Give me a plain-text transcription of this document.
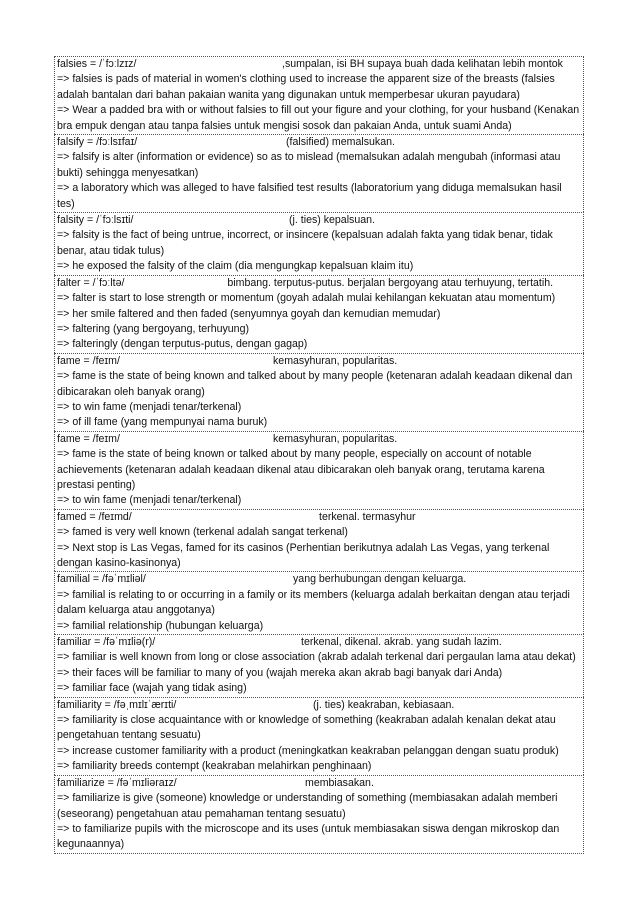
falsies = /ˈfɔːlzɪz/	,sumpalan, isi BH supaya buah dada kelihatan lebih montok
=> falsies is pads of material in women's clothing used to increase the apparent size of the breasts (falsies adalah bantalan dari bahan pakaian wanita yang digunakan untuk memperbesar ukuran payudara)
=> Wear a padded bra with or without falsies to fill out your figure and your clothing, for your husband (Kenakan bra empuk dengan atau tanpa falsies untuk mengisi sosok dan pakaian Anda, untuk suami Anda)
falsify = /fɔːlsɪfaɪ/	(falsified) memalsukan.
=> falsify is alter (information or evidence) so as to mislead (memalsukan adalah mengubah (informasi atau bukti) sehingga menyesatkan)
=> a laboratory which was alleged to have falsified test results (laboratorium yang diduga memalsukan hasil tes)
falsity = /ˈfɔːlsɪti/	(j. ties) kepalsuan.
=> falsity is the fact of being untrue, incorrect, or insincere (kepalsuan adalah fakta yang tidak benar, tidak benar, atau tidak tulus)
=> he exposed the falsity of the claim (dia mengungkap kepalsuan klaim itu)
falter = /ˈfɔːltə/	bimbang. terputus-putus. berjalan bergoyang atau terhuyung, tertatih.
=> falter is start to lose strength or momentum (goyah adalah mulai kehilangan kekuatan atau momentum)
=> her smile faltered and then faded (senyumnya goyah dan kemudian memudar)
=> faltering (yang bergoyang, terhuyung)
=> falteringly (dengan terputus-putus, dengan gagap)
fame = /feɪm/	kemasyhuran, popularitas.
=> fame is the state of being known and talked about by many people (ketenaran adalah keadaan dikenal dan dibicarakan oleh banyak orang)
=> to win fame (menjadi tenar/terkenal)
=> of ill fame (yang mempunyai nama buruk)
fame = /feɪm/	kemasyhuran, popularitas.
=> fame is the state of being known or talked about by many people, especially on account of notable achievements (ketenaran adalah keadaan dikenal atau dibicarakan oleh banyak orang, terutama karena prestasi penting)
=> to win fame (menjadi tenar/terkenal)
famed = /feɪmd/	terkenal. termasyhur
=> famed is very well known (terkenal adalah sangat terkenal)
=> Next stop is Las Vegas, famed for its casinos (Perhentian berikutnya adalah Las Vegas, yang terkenal dengan kasino-kasinonya)
familial = /fəˈmɪliəl/	yang berhubungan dengan keluarga.
=> familial is relating to or occurring in a family or its members (keluarga adalah berkaitan dengan atau terjadi dalam keluarga atau anggotanya)
=> familial relationship (hubungan keluarga)
familiar = /fəˈmɪliə(r)/	terkenal, dikenal. akrab. yang sudah lazim.
=> familiar is well known from long or close association (akrab adalah terkenal dari pergaulan lama atau dekat)
=> their faces will be familiar to many of you (wajah mereka akan akrab bagi banyak dari Anda)
=> familiar face (wajah yang tidak asing)
familiarity = /fəˌmɪlɪˈærɪti/	(j. ties) keakraban, kebiasaan.
=> familiarity is close acquaintance with or knowledge of something (keakraban adalah kenalan dekat atau pengetahuan tentang sesuatu)
=> increase customer familiarity with a product (meningkatkan keakraban pelanggan dengan suatu produk)
=> familiarity breeds contempt (keakraban melahirkan penghinaan)
familiarize = /fəˈmɪliəraɪz/	membiasakan.
=> familiarize is give (someone) knowledge or understanding of something (membiasakan adalah memberi (seseorang) pengetahuan atau pemahaman tentang sesuatu)
=> to familiarize pupils with the microscope and its uses (untuk membiasakan siswa dengan mikroskop dan kegunaannya)
